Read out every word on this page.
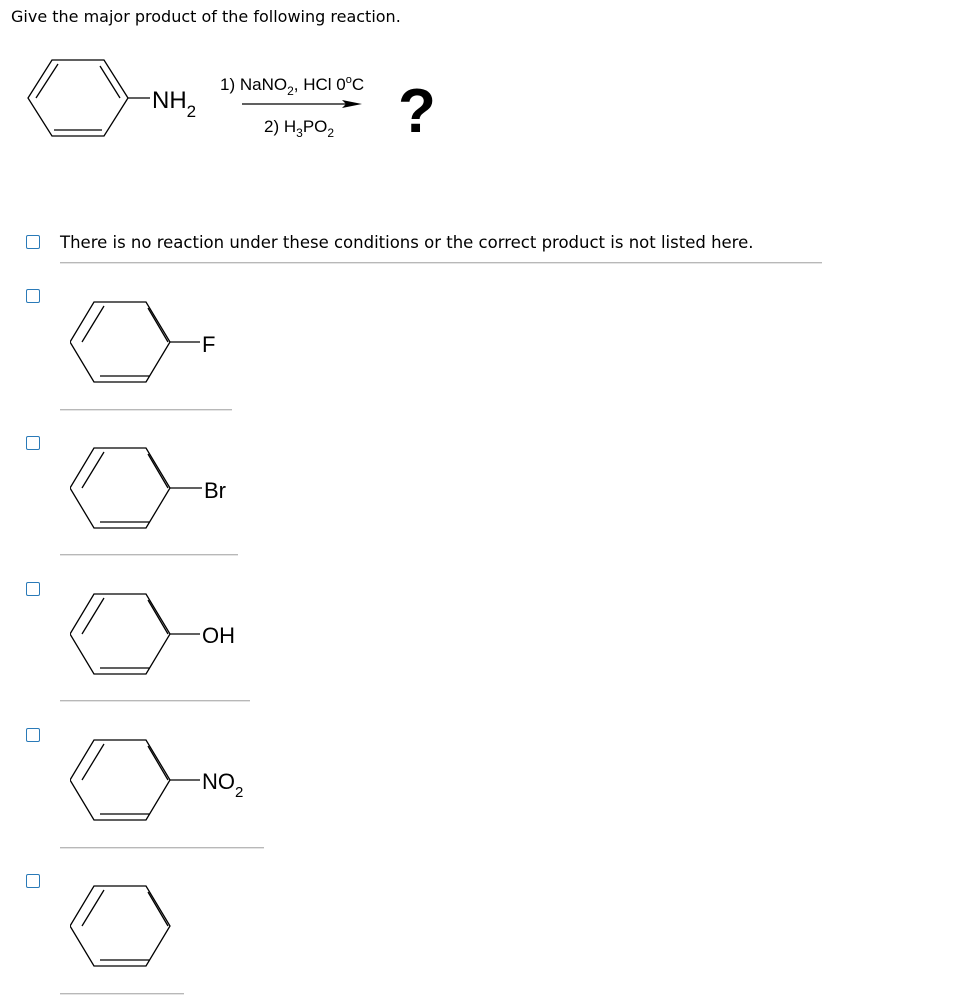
Give the major product of the following reaction.
$NH_2$
1) NaNO$_2$, HCl 0$^o$C
2) $H_3PO_2$ ?
There is no reaction under these conditions or the correct product is not listed here.
F
Br
OH
$NO_2$
